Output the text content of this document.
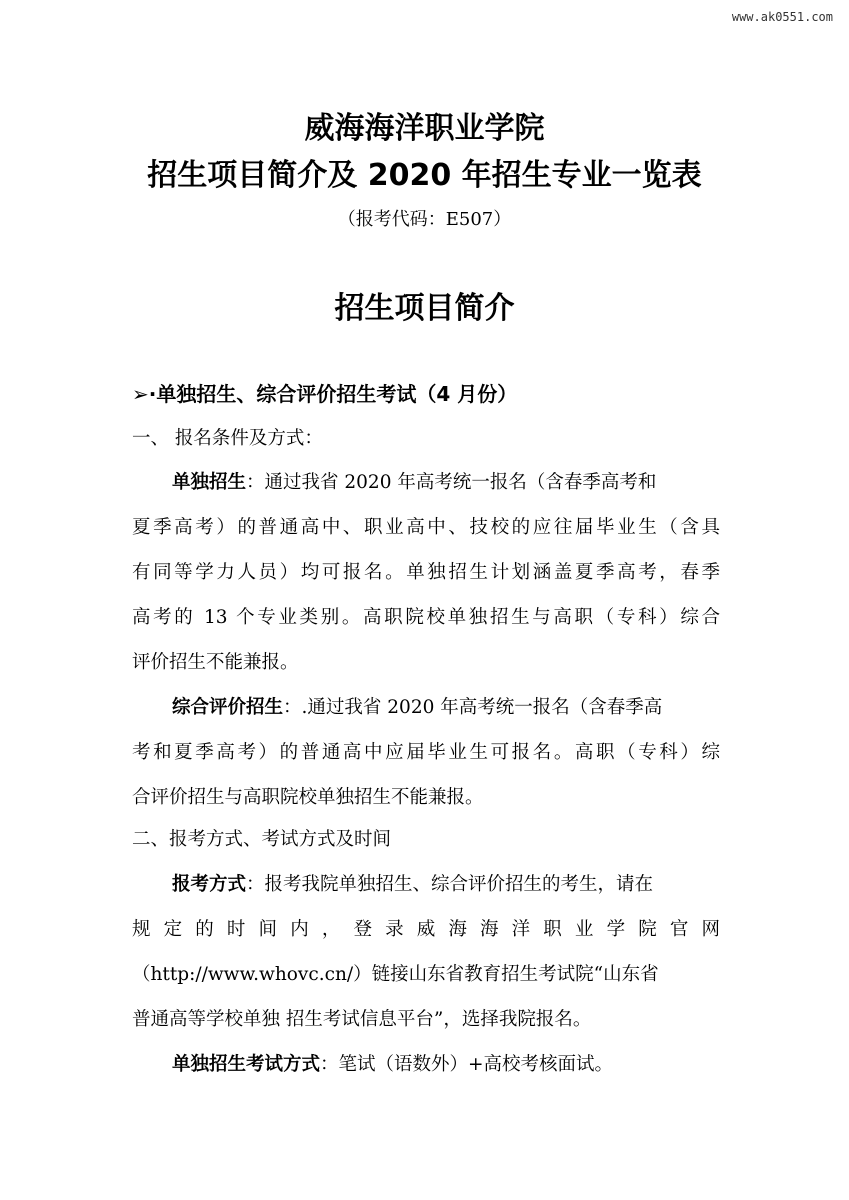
www.ak0551.com
威海海洋职业学院
招生项目简介及 2020 年招生专业一览表
（报考代码：E507）
招生项目简介
➢·单独招生、综合评价招生考试（4 月份）
一、 报名条件及方式：
单独招生：通过我省 2020 年高考统一报名（含春季高考和
夏季高考）的普通高中、职业高中、技校的应往届毕业生（含具
有同等学力人员）均可报名。单独招生计划涵盖夏季高考，春季
高考的 13 个专业类别。高职院校单独招生与高职（专科）综合
评价招生不能兼报。
综合评价招生：.通过我省 2020 年高考统一报名（含春季高
考和夏季高考）的普通高中应届毕业生可报名。高职（专科）综
合评价招生与高职院校单独招生不能兼报。
二、报考方式、考试方式及时间
报考方式：报考我院单独招生、综合评价招生的考生，请在
规定的时间内，登录威海海洋职业学院官网
（http://www.whovc.cn/）链接山东省教育招生考试院“山东省
普通高等学校单独 招生考试信息平台”，选择我院报名。
单独招生考试方式：笔试（语数外）+高校考核面试。
